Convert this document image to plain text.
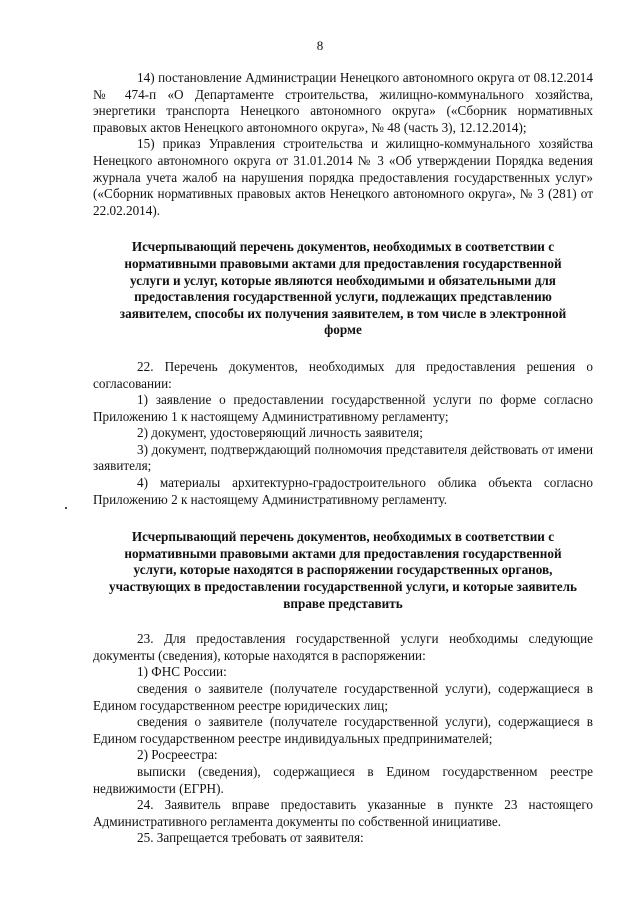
8

14) постановление Администрации Ненецкого автономного округа от 08.12.2014 № 474-п «О Департаменте строительства, жилищно-коммунального хозяйства, энергетики транспорта Ненецкого автономного округа» («Сборник нормативных правовых актов Ненецкого автономного округа», № 48 (часть 3), 12.12.2014);

15) приказ Управления строительства и жилищно-коммунального хозяйства Ненецкого автономного округа от 31.01.2014 № 3 «Об утверждении Порядка ведения журнала учета жалоб на нарушения порядка предоставления государственных услуг» («Сборник нормативных правовых актов Ненецкого автономного округа», № 3 (281) от 22.02.2014).

Исчерпывающий перечень документов, необходимых в соответствии с нормативными правовыми актами для предоставления государственной услуги и услуг, которые являются необходимыми и обязательными для предоставления государственной услуги, подлежащих представлению заявителем, способы их получения заявителем, в том числе в электронной форме

22. Перечень документов, необходимых для предоставления решения о согласовании:

1) заявление о предоставлении государственной услуги по форме согласно Приложению 1 к настоящему Административному регламенту;

2) документ, удостоверяющий личность заявителя;

3) документ, подтверждающий полномочия представителя действовать от имени заявителя;

4) материалы архитектурно-градостроительного облика объекта согласно Приложению 2 к настоящему Административному регламенту.

Исчерпывающий перечень документов, необходимых в соответствии с нормативными правовыми актами для предоставления государственной услуги, которые находятся в распоряжении государственных органов, участвующих в предоставлении государственной услуги, и которые заявитель вправе представить

23. Для предоставления государственной услуги необходимы следующие документы (сведения), которые находятся в распоряжении:

1) ФНС России:

сведения о заявителе (получателе государственной услуги), содержащиеся в Едином государственном реестре юридических лиц;

сведения о заявителе (получателе государственной услуги), содержащиеся в Едином государственном реестре индивидуальных предпринимателей;

2) Росреестра:

выписки (сведения), содержащиеся в Едином государственном реестре недвижимости (ЕГРН).

24. Заявитель вправе предоставить указанные в пункте 23 настоящего Административного регламента документы по собственной инициативе.

25. Запрещается требовать от заявителя:
